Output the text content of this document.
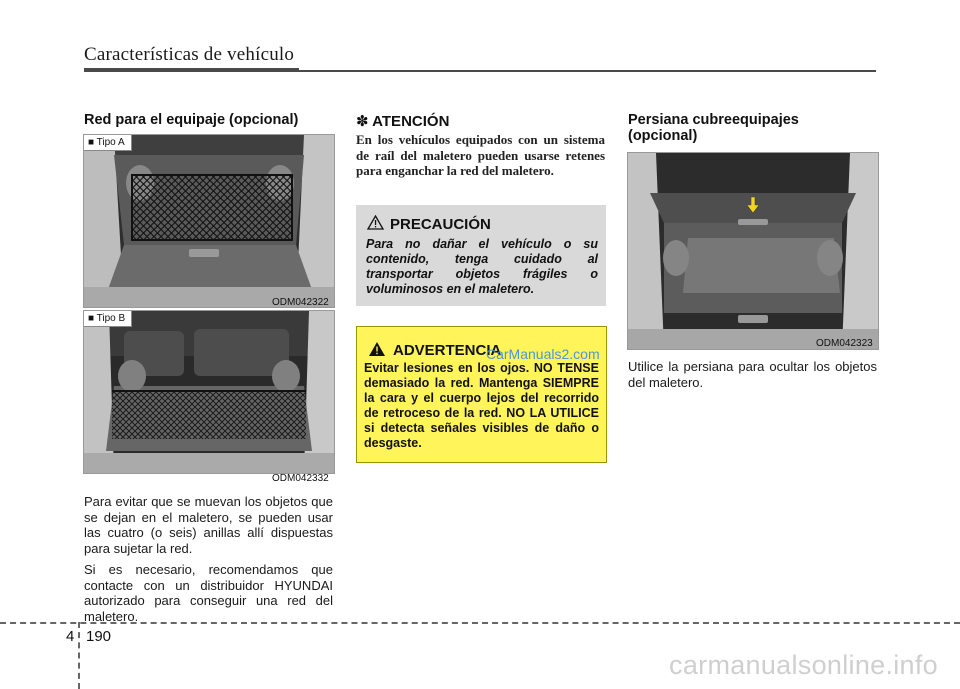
Características de vehículo
Red para el equipaje (opcional)
■ Tipo A
ODM042322
■ Tipo B
ODM042332

Para evitar que se muevan los objetos que se dejan en el maletero, se pueden usar las cuatro (o seis) anillas allí dispuestas para sujetar la red.

Si es necesario, recomendamos que contacte con un distribuidor HYUNDAI autorizado para conseguir una red del maletero.

✽ ATENCIÓN
En los vehículos equipados con un sistema de raíl del maletero pueden usarse retenes para enganchar la red del maletero.
PRECAUCIÓN
Para no dañar el vehículo o su contenido, tenga cuidado al transportar objetos frágiles o voluminosos en el maletero.
ADVERTENCIA
Evitar lesiones en los ojos. NO TENSE demasiado la red. Mantenga SIEMPRE la cara y el cuerpo lejos del recorrido de retroceso de la red. NO LA UTILICE si detecta señales visibles de daño o desgaste.
CarManuals2.com
Persiana cubreequipajes (opcional)
ODM042323
Utilice la persiana para ocultar los objetos del maletero.
4 190
carmanualsonline.info
